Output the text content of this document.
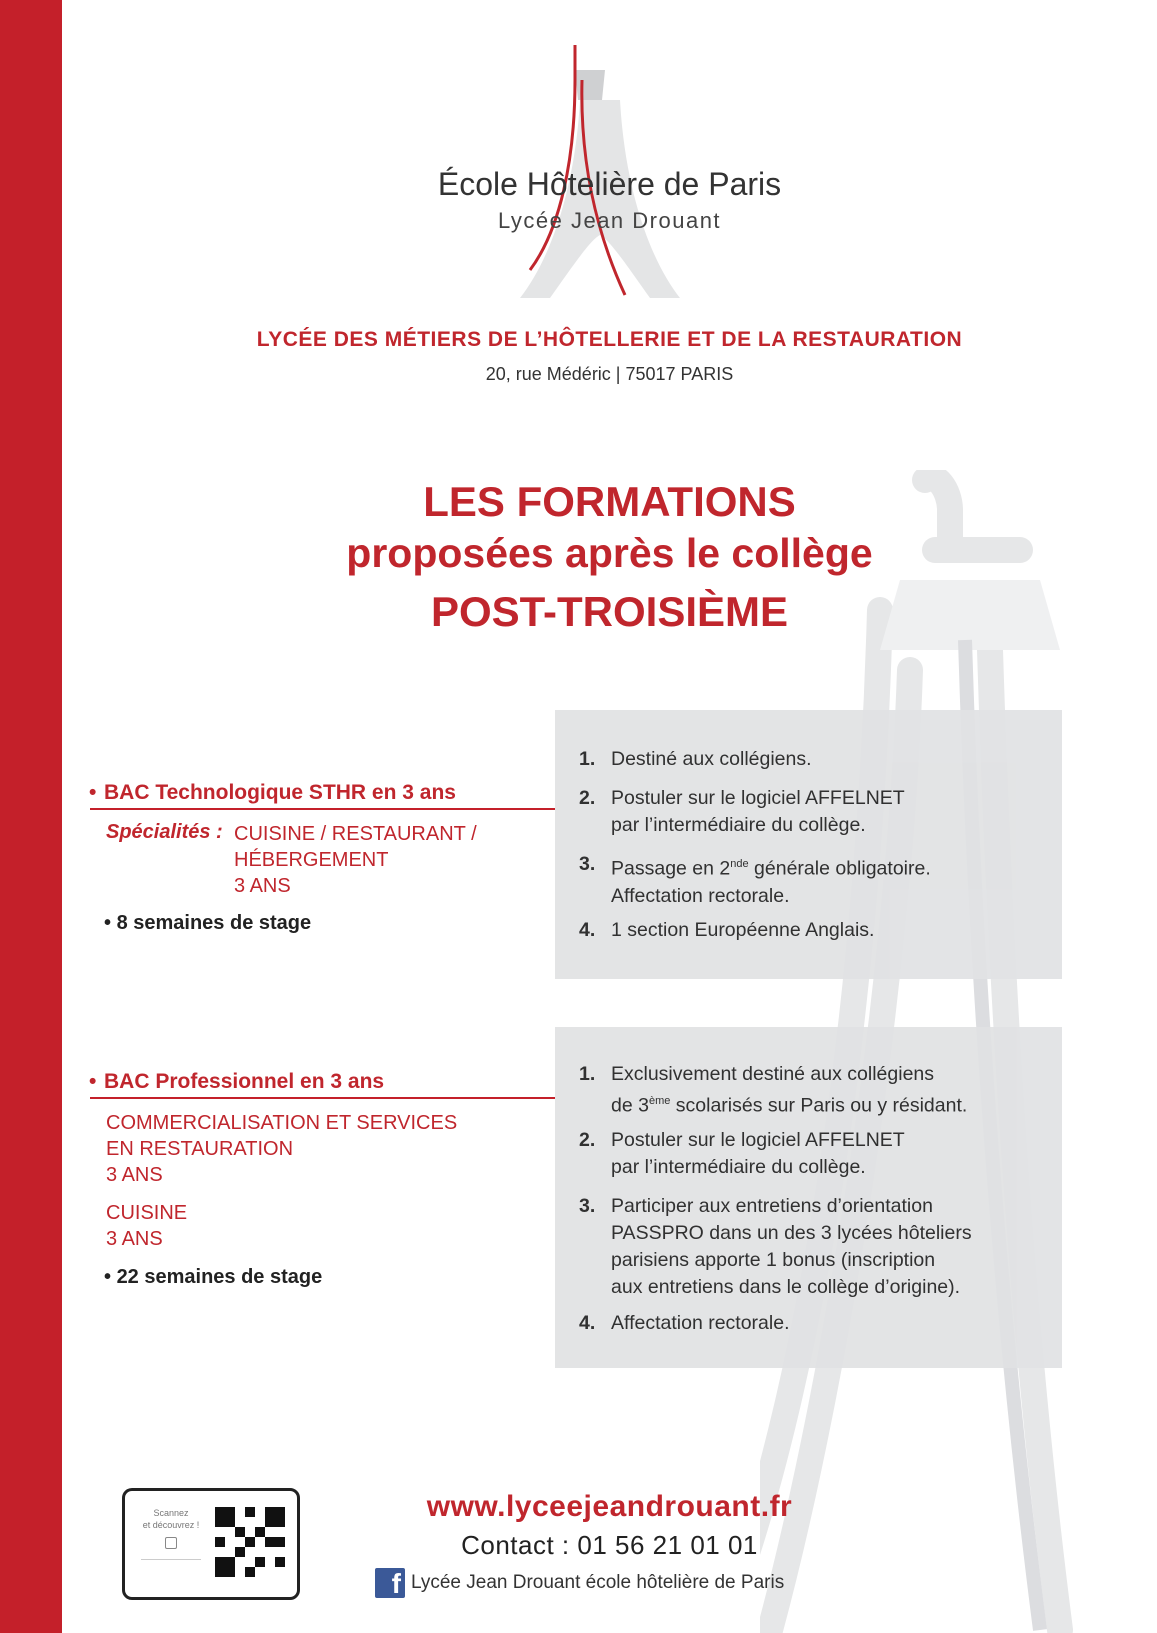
École Hôtelière de Paris
Lycée Jean Drouant
LYCÉE DES MÉTIERS DE L’HÔTELLERIE ET DE LA RESTAURATION
20, rue Médéric | 75017 PARIS
LES FORMATIONS
proposées après le collège
POST-TROISIÈME
• BAC Technologique STHR en 3 ans
Spécialités : CUISINE / RESTAURANT /
HÉBERGEMENT
3 ANS
• 8 semaines de stage
1. Destiné aux collégiens.
2. Postuler sur le logiciel AFFELNET
par l’intermédiaire du collège.
3. Passage en 2nde générale obligatoire.
Affectation rectorale.
4. 1 section Européenne Anglais.
• BAC Professionnel en 3 ans
COMMERCIALISATION ET SERVICES
EN RESTAURATION
3 ANS
CUISINE
3 ANS
• 22 semaines de stage
1. Exclusivement destiné aux collégiens
de 3ème scolarisés sur Paris ou y résidant.
2. Postuler sur le logiciel AFFELNET
par l’intermédiaire du collège.
3. Participer aux entretiens d’orientation
PASSPRO dans un des 3 lycées hôteliers
parisiens apporte 1 bonus (inscription
aux entretiens dans le collège d’origine).
4. Affectation rectorale.
Scannez
et découvrez !
www.lyceejeandrouant.fr
Contact : 01 56 21 01 01
f Lycée Jean Drouant école hôtelière de Paris
